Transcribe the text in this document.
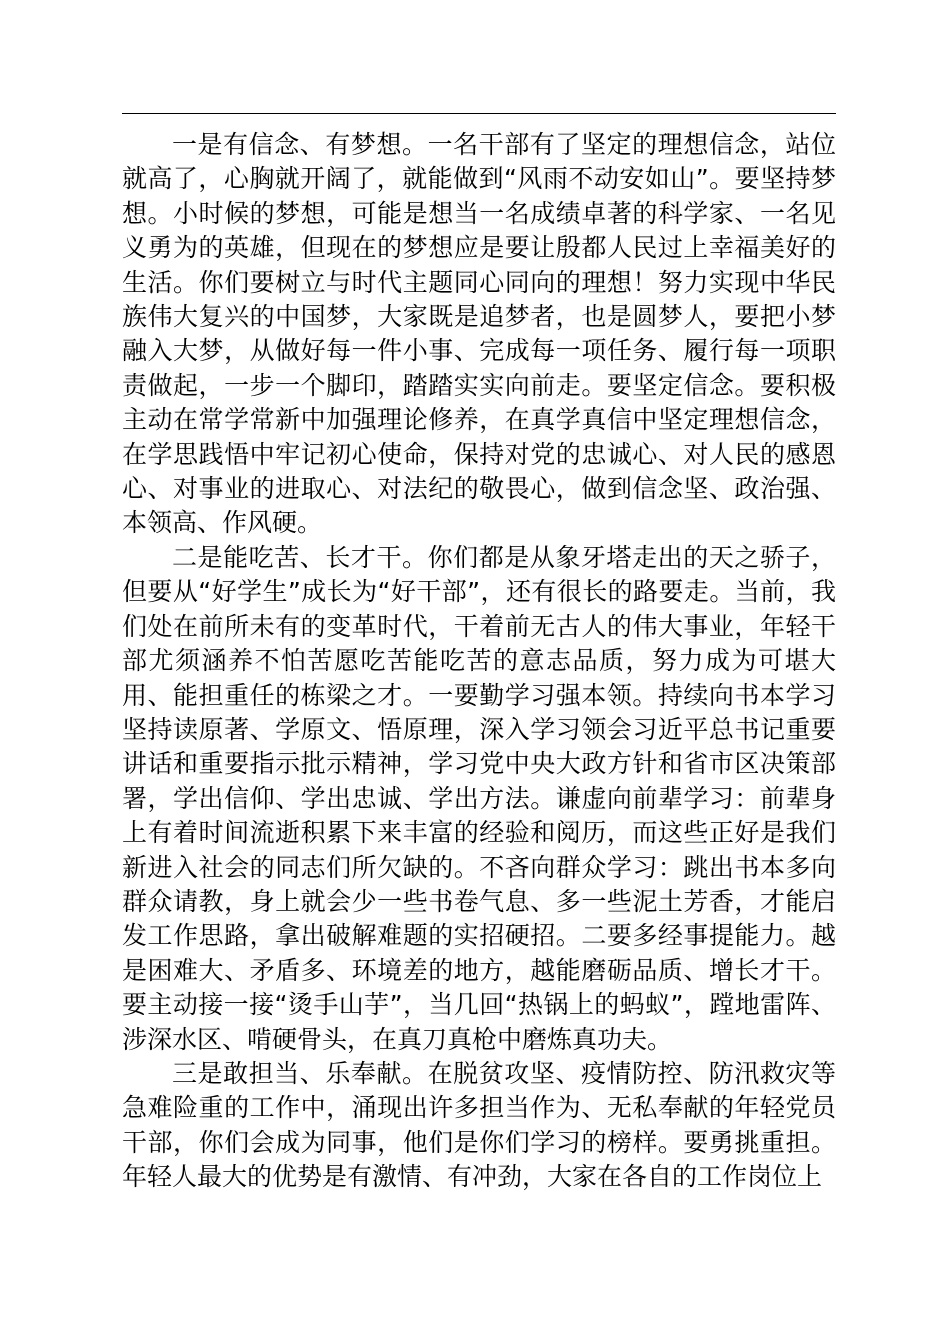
一是有信念、有梦想。一名干部有了坚定的理想信念，站位就高了，心胸就开阔了，就能做到“风雨不动安如山”。要坚持梦想。小时候的梦想，可能是想当一名成绩卓著的科学家、一名见义勇为的英雄，但现在的梦想应是要让殷都人民过上幸福美好的生活。你们要树立与时代主题同心同向的理想！努力实现中华民族伟大复兴的中国梦，大家既是追梦者，也是圆梦人，要把小梦融入大梦，从做好每一件小事、完成每一项任务、履行每一项职责做起，一步一个脚印，踏踏实实向前走。要坚定信念。要积极主动在常学常新中加强理论修养，在真学真信中坚定理想信念，在学思践悟中牢记初心使命，保持对党的忠诚心、对人民的感恩心、对事业的进取心、对法纪的敬畏心，做到信念坚、政治强、本领高、作风硬。

二是能吃苦、长才干。你们都是从象牙塔走出的天之骄子，但要从“好学生”成长为“好干部”，还有很长的路要走。当前，我们处在前所未有的变革时代，干着前无古人的伟大事业，年轻干部尤须涵养不怕苦愿吃苦能吃苦的意志品质，努力成为可堪大用、能担重任的栋梁之才。一要勤学习强本领。持续向书本学习坚持读原著、学原文、悟原理，深入学习领会习近平总书记重要讲话和重要指示批示精神，学习党中央大政方针和省市区决策部署，学出信仰、学出忠诚、学出方法。谦虚向前辈学习：前辈身上有着时间流逝积累下来丰富的经验和阅历，而这些正好是我们新进入社会的同志们所欠缺的。不吝向群众学习：跳出书本多向群众请教，身上就会少一些书卷气息、多一些泥土芳香，才能启发工作思路，拿出破解难题的实招硬招。二要多经事提能力。越是困难大、矛盾多、环境差的地方，越能磨砺品质、增长才干。要主动接一接“烫手山芋”，当几回“热锅上的蚂蚁”，蹚地雷阵、涉深水区、啃硬骨头，在真刀真枪中磨炼真功夫。

三是敢担当、乐奉献。在脱贫攻坚、疫情防控、防汛救灾等急难险重的工作中，涌现出许多担当作为、无私奉献的年轻党员干部，你们会成为同事，他们是你们学习的榜样。要勇挑重担。年轻人最大的优势是有激情、有冲劲，大家在各自的工作岗位上
